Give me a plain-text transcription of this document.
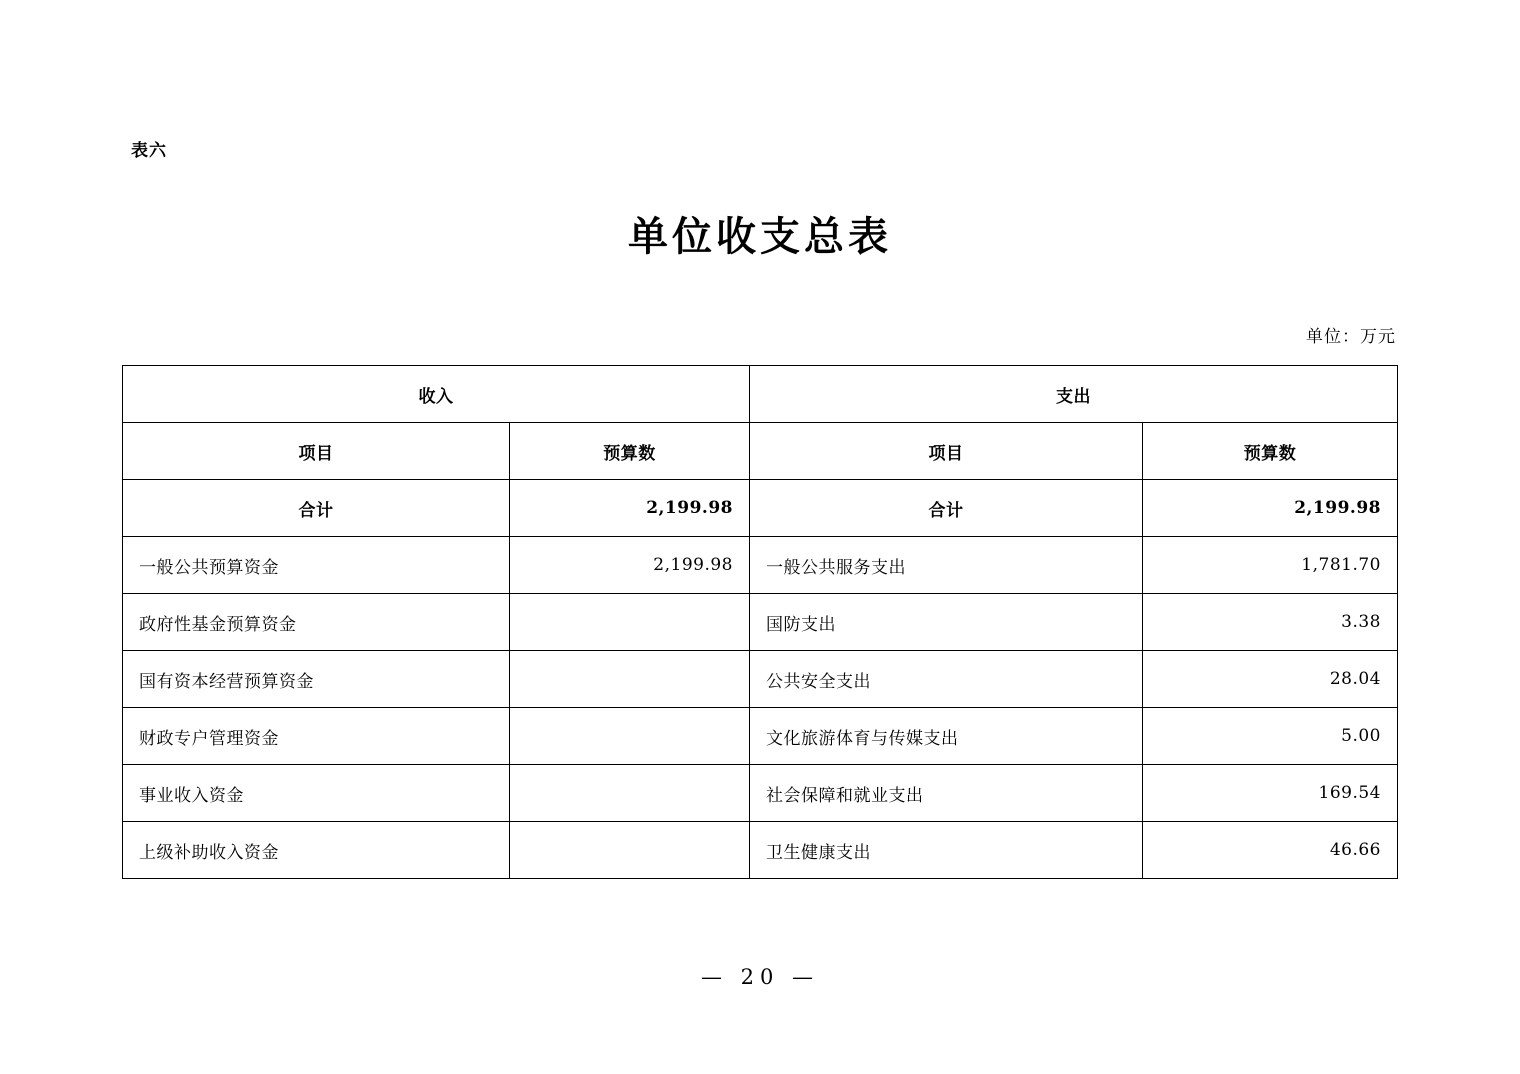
表六
单位收支总表
单位：万元
收入		支出	
项目	预算数	项目	预算数
合计	2,199.98	合计	2,199.98
一般公共预算资金	2,199.98	一般公共服务支出	1,781.70
政府性基金预算资金		国防支出	3.38
国有资本经营预算资金		公共安全支出	28.04
财政专户管理资金		文化旅游体育与传媒支出	5.00
事业收入资金		社会保障和就业支出	169.54
上级补助收入资金		卫生健康支出	46.66
— 20 —
